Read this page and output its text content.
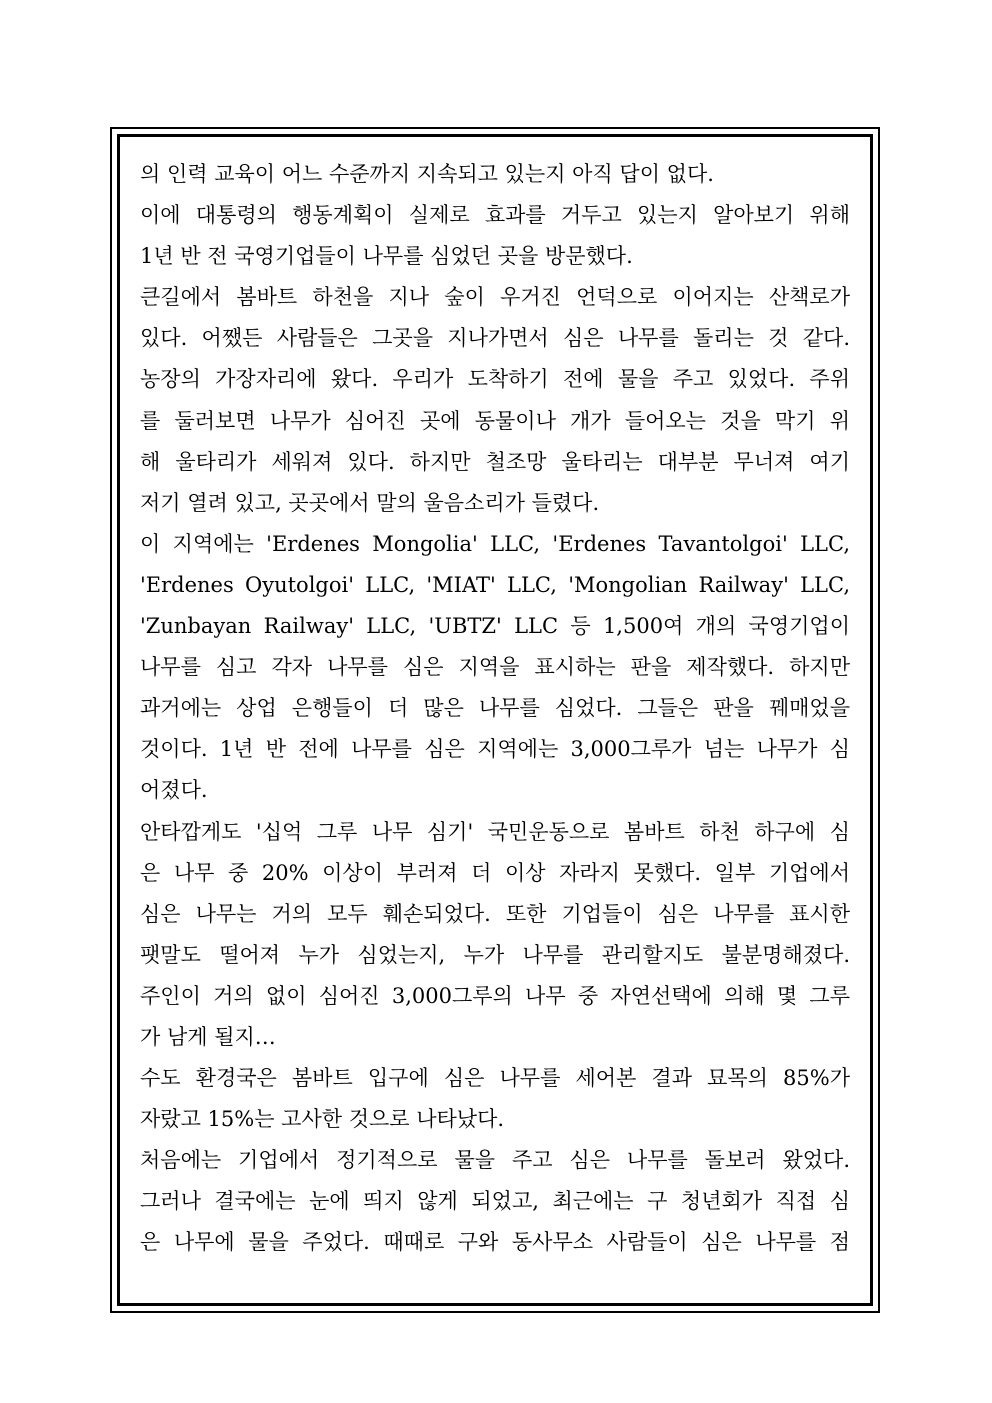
의 인력 교육이 어느 수준까지 지속되고 있는지 아직 답이 없다.
이에 대통령의 행동계획이 실제로 효과를 거두고 있는지 알아보기 위해
1년 반 전 국영기업들이 나무를 심었던 곳을 방문했다.
큰길에서 봄바트 하천을 지나 숲이 우거진 언덕으로 이어지는 산책로가
있다. 어쨌든 사람들은 그곳을 지나가면서 심은 나무를 돌리는 것 같다.
농장의 가장자리에 왔다. 우리가 도착하기 전에 물을 주고 있었다. 주위
를 둘러보면 나무가 심어진 곳에 동물이나 개가 들어오는 것을 막기 위
해 울타리가 세워져 있다. 하지만 철조망 울타리는 대부분 무너져 여기
저기 열려 있고, 곳곳에서 말의 울음소리가 들렸다.
이 지역에는 'Erdenes Mongolia' LLC, 'Erdenes Tavantolgoi' LLC,
'Erdenes Oyutolgoi' LLC, 'MIAT' LLC, 'Mongolian Railway' LLC,
'Zunbayan Railway' LLC, 'UBTZ' LLC 등 1,500여 개의 국영기업이
나무를 심고 각자 나무를 심은 지역을 표시하는 판을 제작했다. 하지만
과거에는 상업 은행들이 더 많은 나무를 심었다. 그들은 판을 꿰매었을
것이다. 1년 반 전에 나무를 심은 지역에는 3,000그루가 넘는 나무가 심
어졌다.
안타깝게도 '십억 그루 나무 심기' 국민운동으로 봄바트 하천 하구에 심
은 나무 중 20% 이상이 부러져 더 이상 자라지 못했다. 일부 기업에서
심은 나무는 거의 모두 훼손되었다. 또한 기업들이 심은 나무를 표시한
팻말도 떨어져 누가 심었는지, 누가 나무를 관리할지도 불분명해졌다.
주인이 거의 없이 심어진 3,000그루의 나무 중 자연선택에 의해 몇 그루
가 남게 될지…
수도 환경국은 봄바트 입구에 심은 나무를 세어본 결과 묘목의 85%가
자랐고 15%는 고사한 것으로 나타났다.
처음에는 기업에서 정기적으로 물을 주고 심은 나무를 돌보러 왔었다.
그러나 결국에는 눈에 띄지 않게 되었고, 최근에는 구 청년회가 직접 심
은 나무에 물을 주었다. 때때로 구와 동사무소 사람들이 심은 나무를 점
